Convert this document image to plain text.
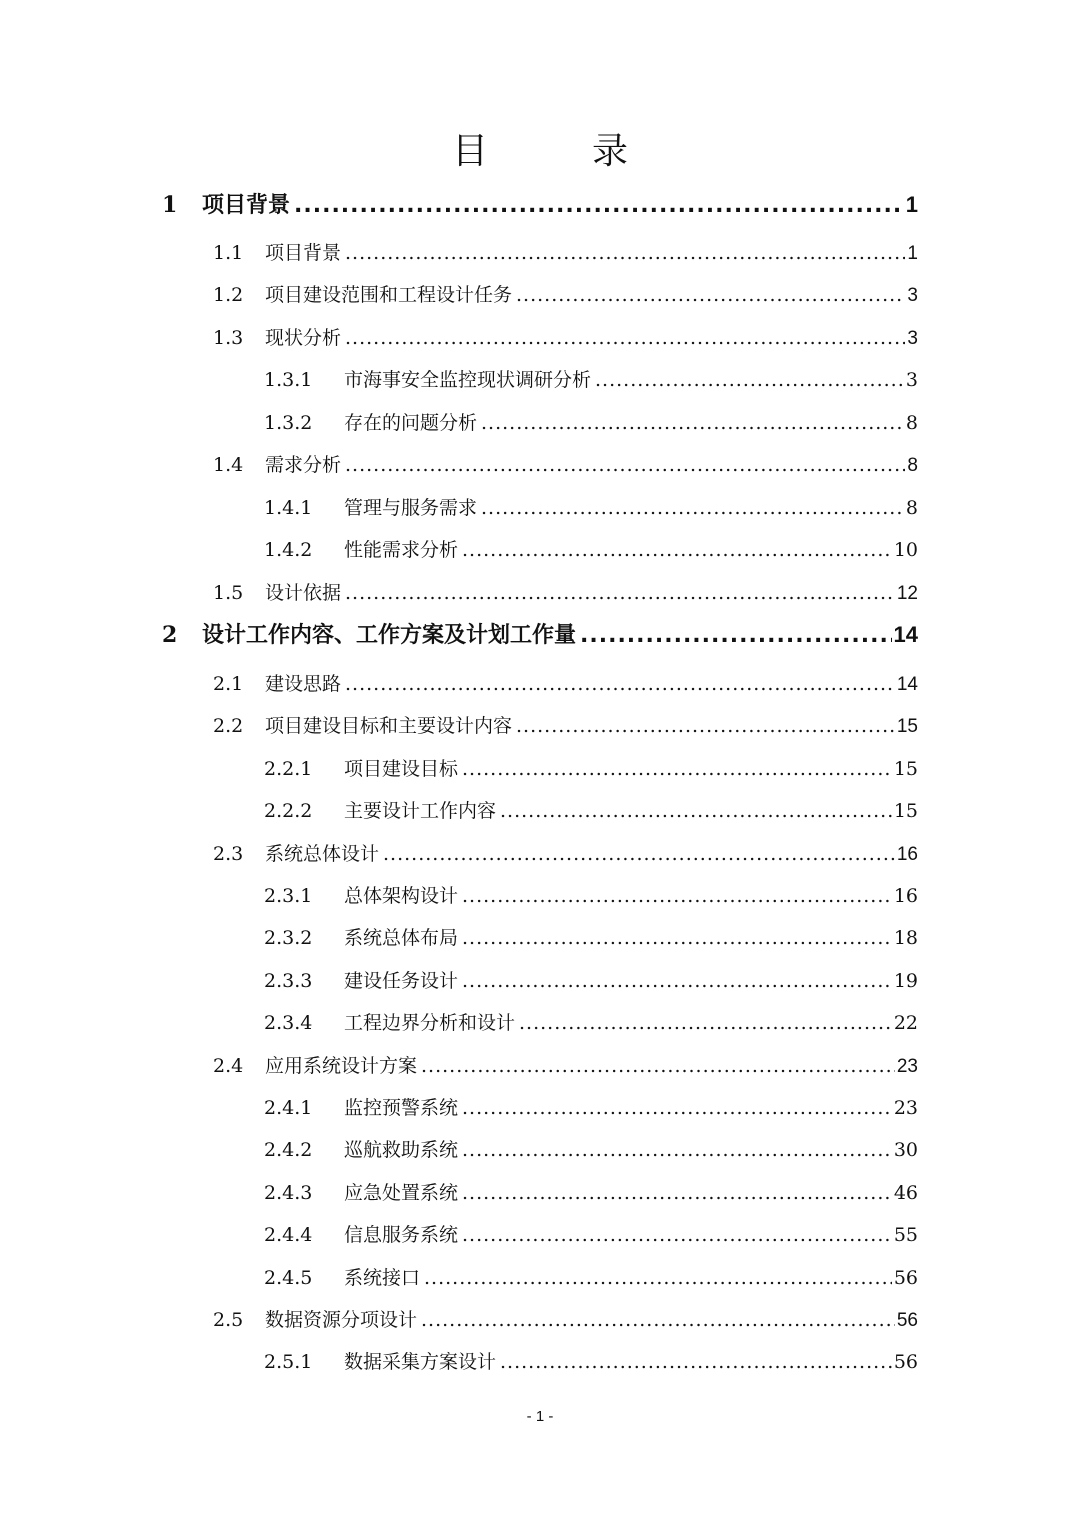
目　录
1	项目背景 .....	1
1.1	项目背景 .....	1
1.2	项目建设范围和工程设计任务 .....	3
1.3	现状分析 .....	3
1.3.1	市海事安全监控现状调研分析 .....	3
1.3.2	存在的问题分析 .....	8
1.4	需求分析 .....	8
1.4.1	管理与服务需求 .....	8
1.4.2	性能需求分析 .....	10
1.5	设计依据 .....	12
2	设计工作内容、工作方案及计划工作量 .....	14
2.1	建设思路 .....	14
2.2	项目建设目标和主要设计内容 .....	15
2.2.1	项目建设目标 .....	15
2.2.2	主要设计工作内容 .....	15
2.3	系统总体设计 .....	16
2.3.1	总体架构设计 .....	16
2.3.2	系统总体布局 .....	18
2.3.3	建设任务设计 .....	19
2.3.4	工程边界分析和设计 .....	22
2.4	应用系统设计方案 .....	23
2.4.1	监控预警系统 .....	23
2.4.2	巡航救助系统 .....	30
2.4.3	应急处置系统 .....	46
2.4.4	信息服务系统 .....	55
2.4.5	系统接口 .....	56
2.5	数据资源分项设计 .....	56
2.5.1	数据采集方案设计 .....	56
- 1 -
